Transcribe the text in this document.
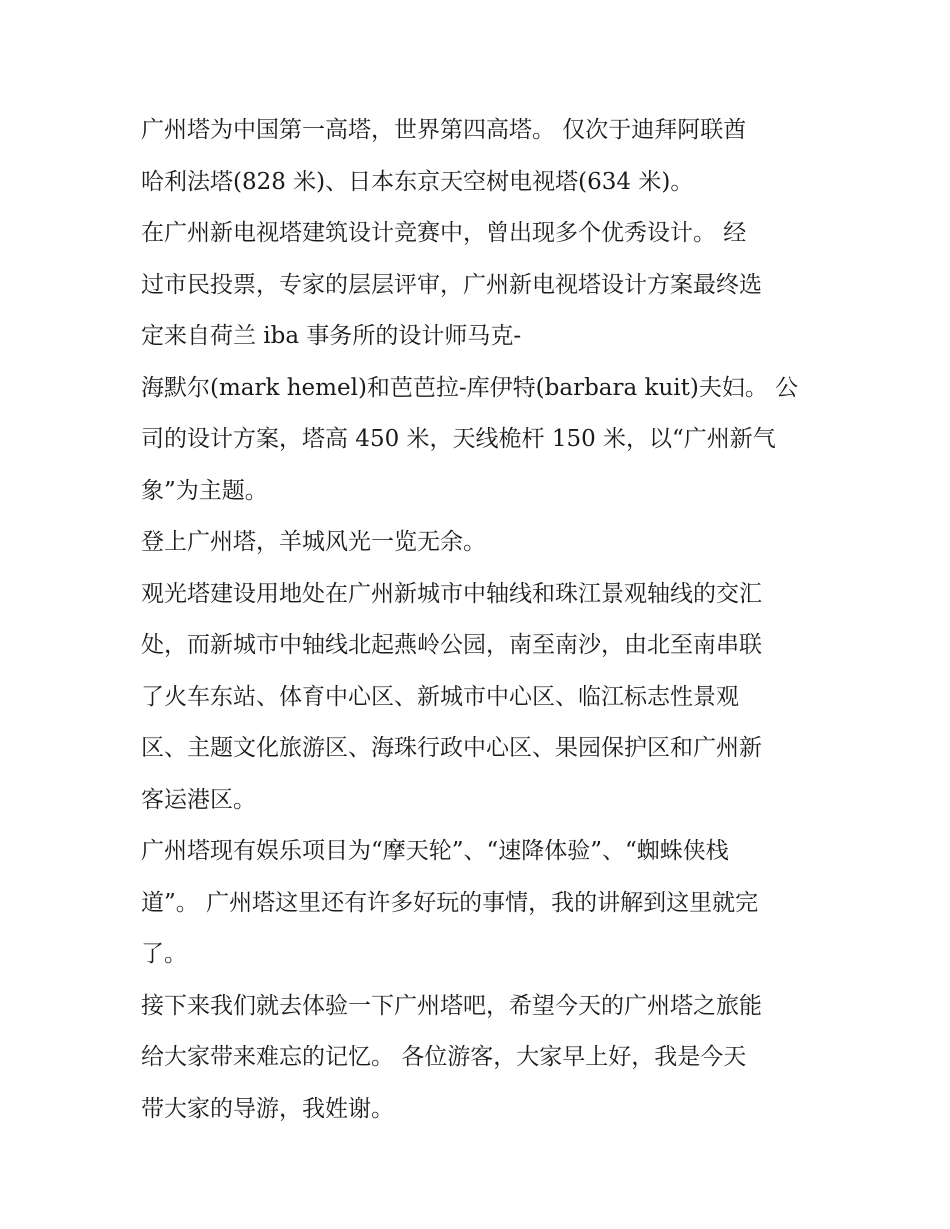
广州塔为中国第一高塔，世界第四高塔。 仅次于迪拜阿联酋

哈利法塔(828 米)、日本东京天空树电视塔(634 米)。

在广州新电视塔建筑设计竞赛中，曾出现多个优秀设计。 经

过市民投票，专家的层层评审，广州新电视塔设计方案最终选

定来自荷兰 iba 事务所的设计师马克-

海默尔(mark hemel)和芭芭拉-库伊特(barbara kuit)夫妇。 公

司的设计方案，塔高 450 米，天线桅杆 150 米，以“广州新气

象”为主题。

登上广州塔，羊城风光一览无余。

观光塔建设用地处在广州新城市中轴线和珠江景观轴线的交汇

处，而新城市中轴线北起燕岭公园，南至南沙，由北至南串联

了火车东站、体育中心区、新城市中心区、临江标志性景观

区、主题文化旅游区、海珠行政中心区、果园保护区和广州新

客运港区。

广州塔现有娱乐项目为“摩天轮”、“速降体验”、“蜘蛛侠栈

道”。 广州塔这里还有许多好玩的事情，我的讲解到这里就完

了。

接下来我们就去体验一下广州塔吧，希望今天的广州塔之旅能

给大家带来难忘的记忆。 各位游客，大家早上好，我是今天

带大家的导游，我姓谢。
